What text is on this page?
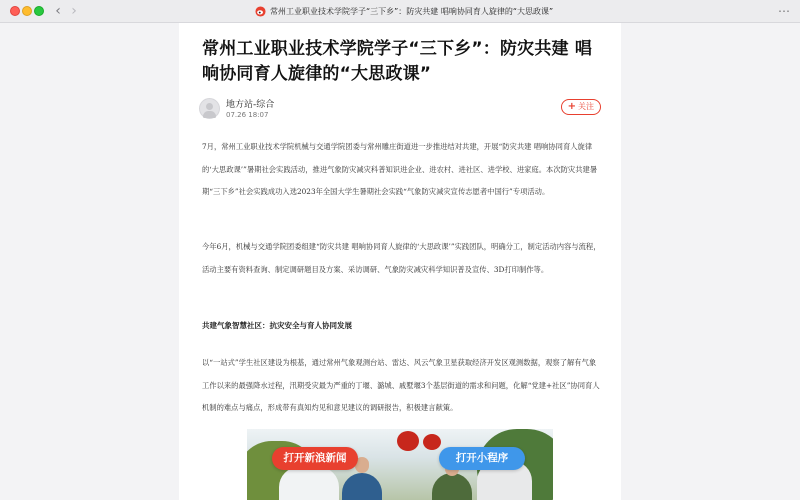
‹ ›	常州工业职业技术学院学子“三下乡”：防灾共建 唱响协同育人旋律的“大思政课”	⋯
常州工业职业技术学院学子“三下乡”：防灾共建 唱响协同育人旋律的“大思政课”
地方站-综合
07.26 18:07
+ 关注
7月，常州工业职业技术学院机械与交通学院团委与常州雕庄街道进一步推进结对共建，开展“防灾共建 唱响协同育人旋律的‘大思政课’”暑期社会实践活动，推进气象防灾减灾科普知识进企业、进农村、进社区、进学校、进家庭。本次防灾共建暑期“三下乡”社会实践成功入选2023年全国大学生暑期社会实践“气象防灾减灾宣传志愿者中国行”专项活动。
今年6月，机械与交通学院团委组建“防灾共建 唱响协同育人旋律的‘大思政课’”实践团队，明确分工，制定活动内容与流程，活动主要有资料查询、制定调研题目及方案、采访调研、气象防灾减灾科学知识普及宣传、3D打印制作等。
共建气象智慧社区：抗灾安全与育人协同发展
以“一站式”学生社区建设为根基，通过常州气象观测台站、雷达、风云气象卫星获取经济开发区观测数据，观察了解有气象工作以来的最强降水过程，汛期受灾最为严重的丁堰、潞城、戚墅堰3个基层街道的需求和问题，化解“党建+社区”协同育人机制的难点与痛点，形成带有真知灼见和意见建议的调研报告，积极建言献策。
打开新浪新闻	打开小程序
